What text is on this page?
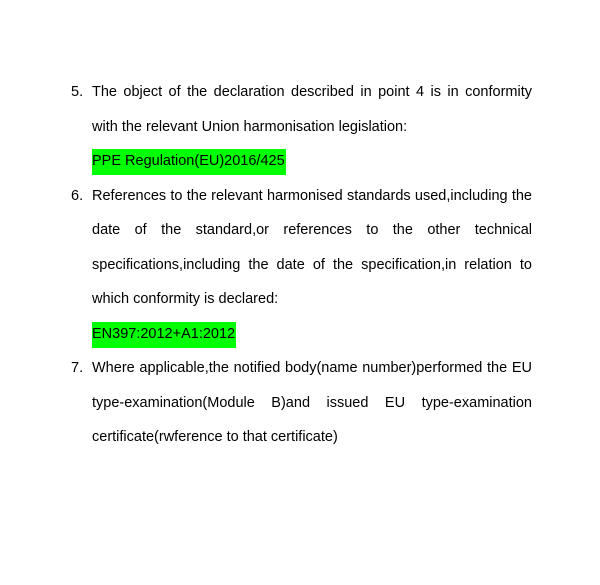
5. The object of the declaration described in point 4 is in conformity with the relevant Union harmonisation legislation:
PPE Regulation(EU)2016/425
6. References to the relevant harmonised standards used,including the date of the standard,or references to the other technical specifications,including the date of the specification,in relation to which conformity is declared:
EN397:2012+A1:2012
7. Where applicable,the notified body(name number)performed the EU type-examination(Module B)and issued EU type-examination certificate(rwference to that certificate)
